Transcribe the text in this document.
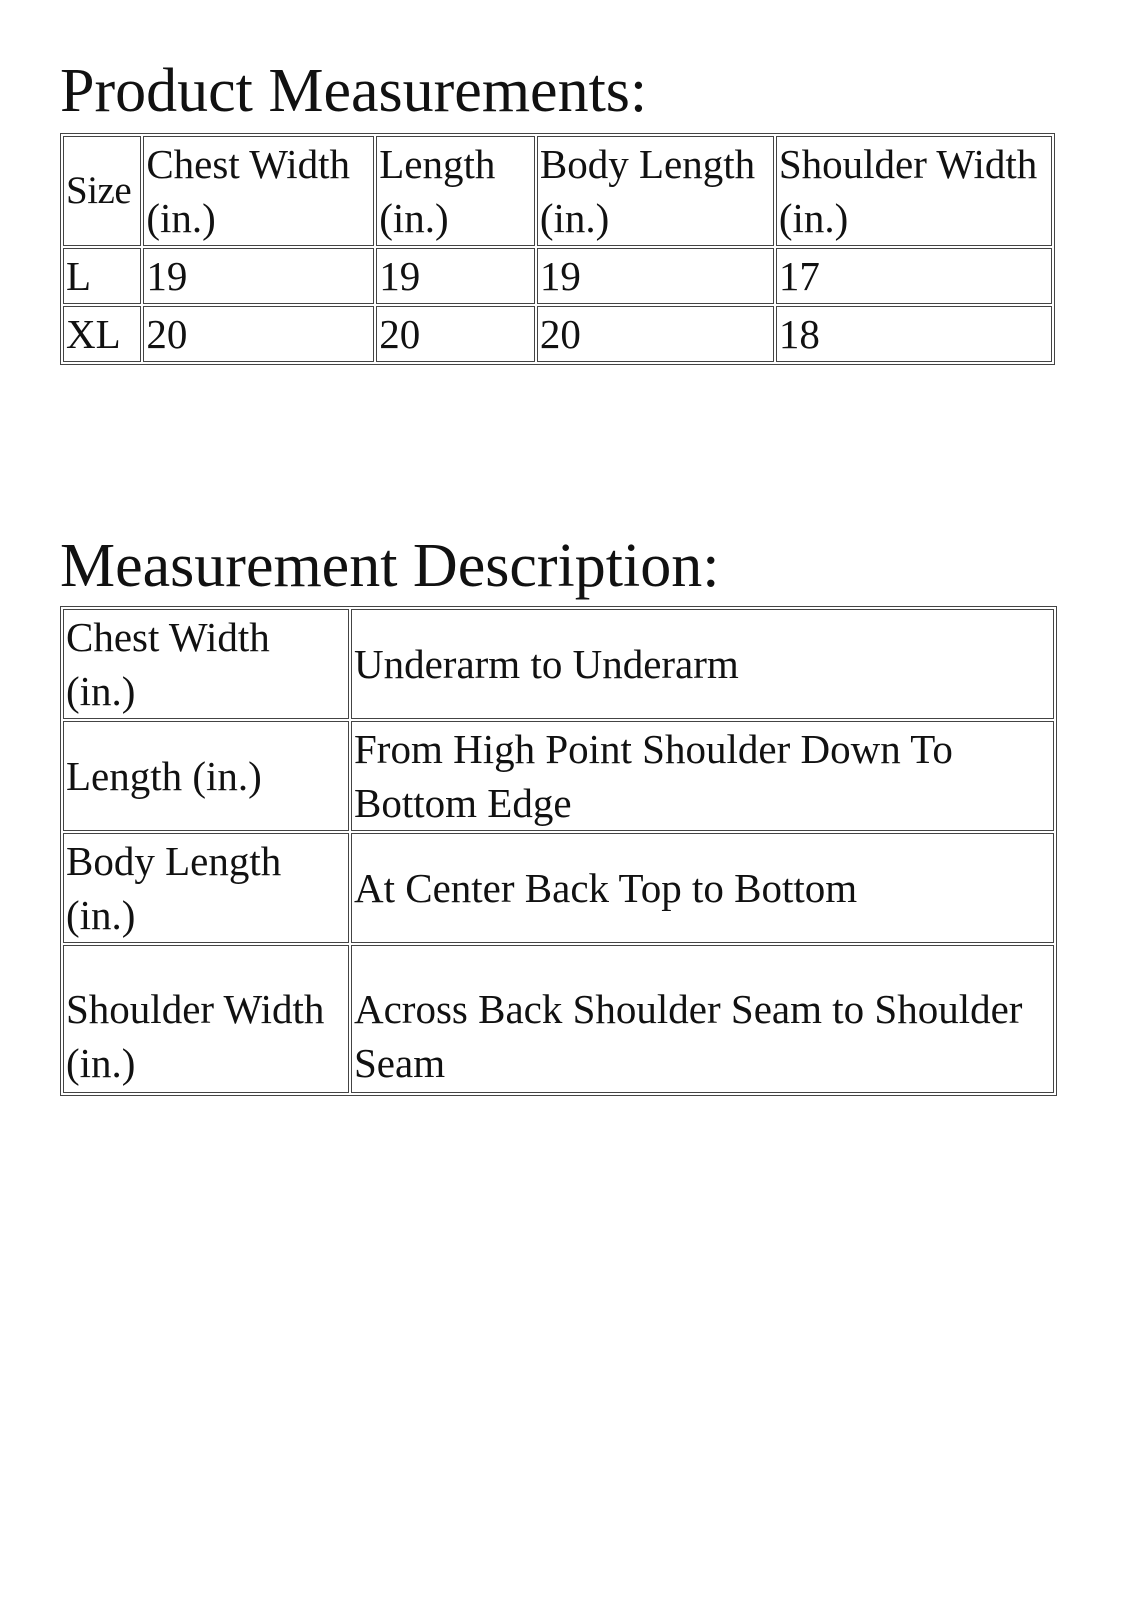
Product Measurements:
Size	Chest Width (in.)	Length (in.)	Body Length (in.)	Shoulder Width (in.)
L	19	19	19	17
XL	20	20	20	18
Measurement Description:
Chest Width (in.)	Underarm to Underarm
Length (in.)	From High Point Shoulder Down To Bottom Edge
Body Length (in.)	At Center Back Top to Bottom
Shoulder Width (in.)	Across Back Shoulder Seam to Shoulder Seam
